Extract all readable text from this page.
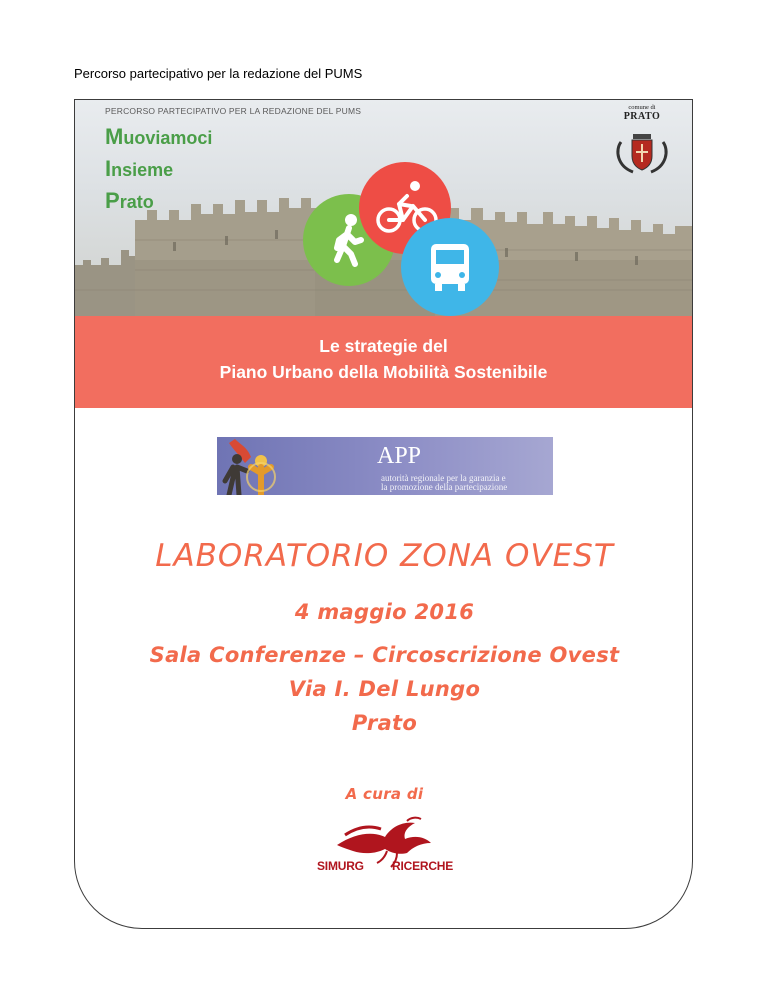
Percorso partecipativo per la redazione del PUMS
PERCORSO PARTECIPATIVO PER LA REDAZIONE DEL PUMS
Muoviamoci
Insieme
Prato
comune di
PRATO
Le strategie del
Piano Urbano della Mobilità Sostenibile
APP
autorità regionale per la garanzia e
la promozione della partecipazione
LABORATORIO ZONA OVEST
4 maggio 2016
Sala Conferenze – Circoscrizione Ovest
Via I. Del Lungo
Prato
A cura di
SIMURG RICERCHE
